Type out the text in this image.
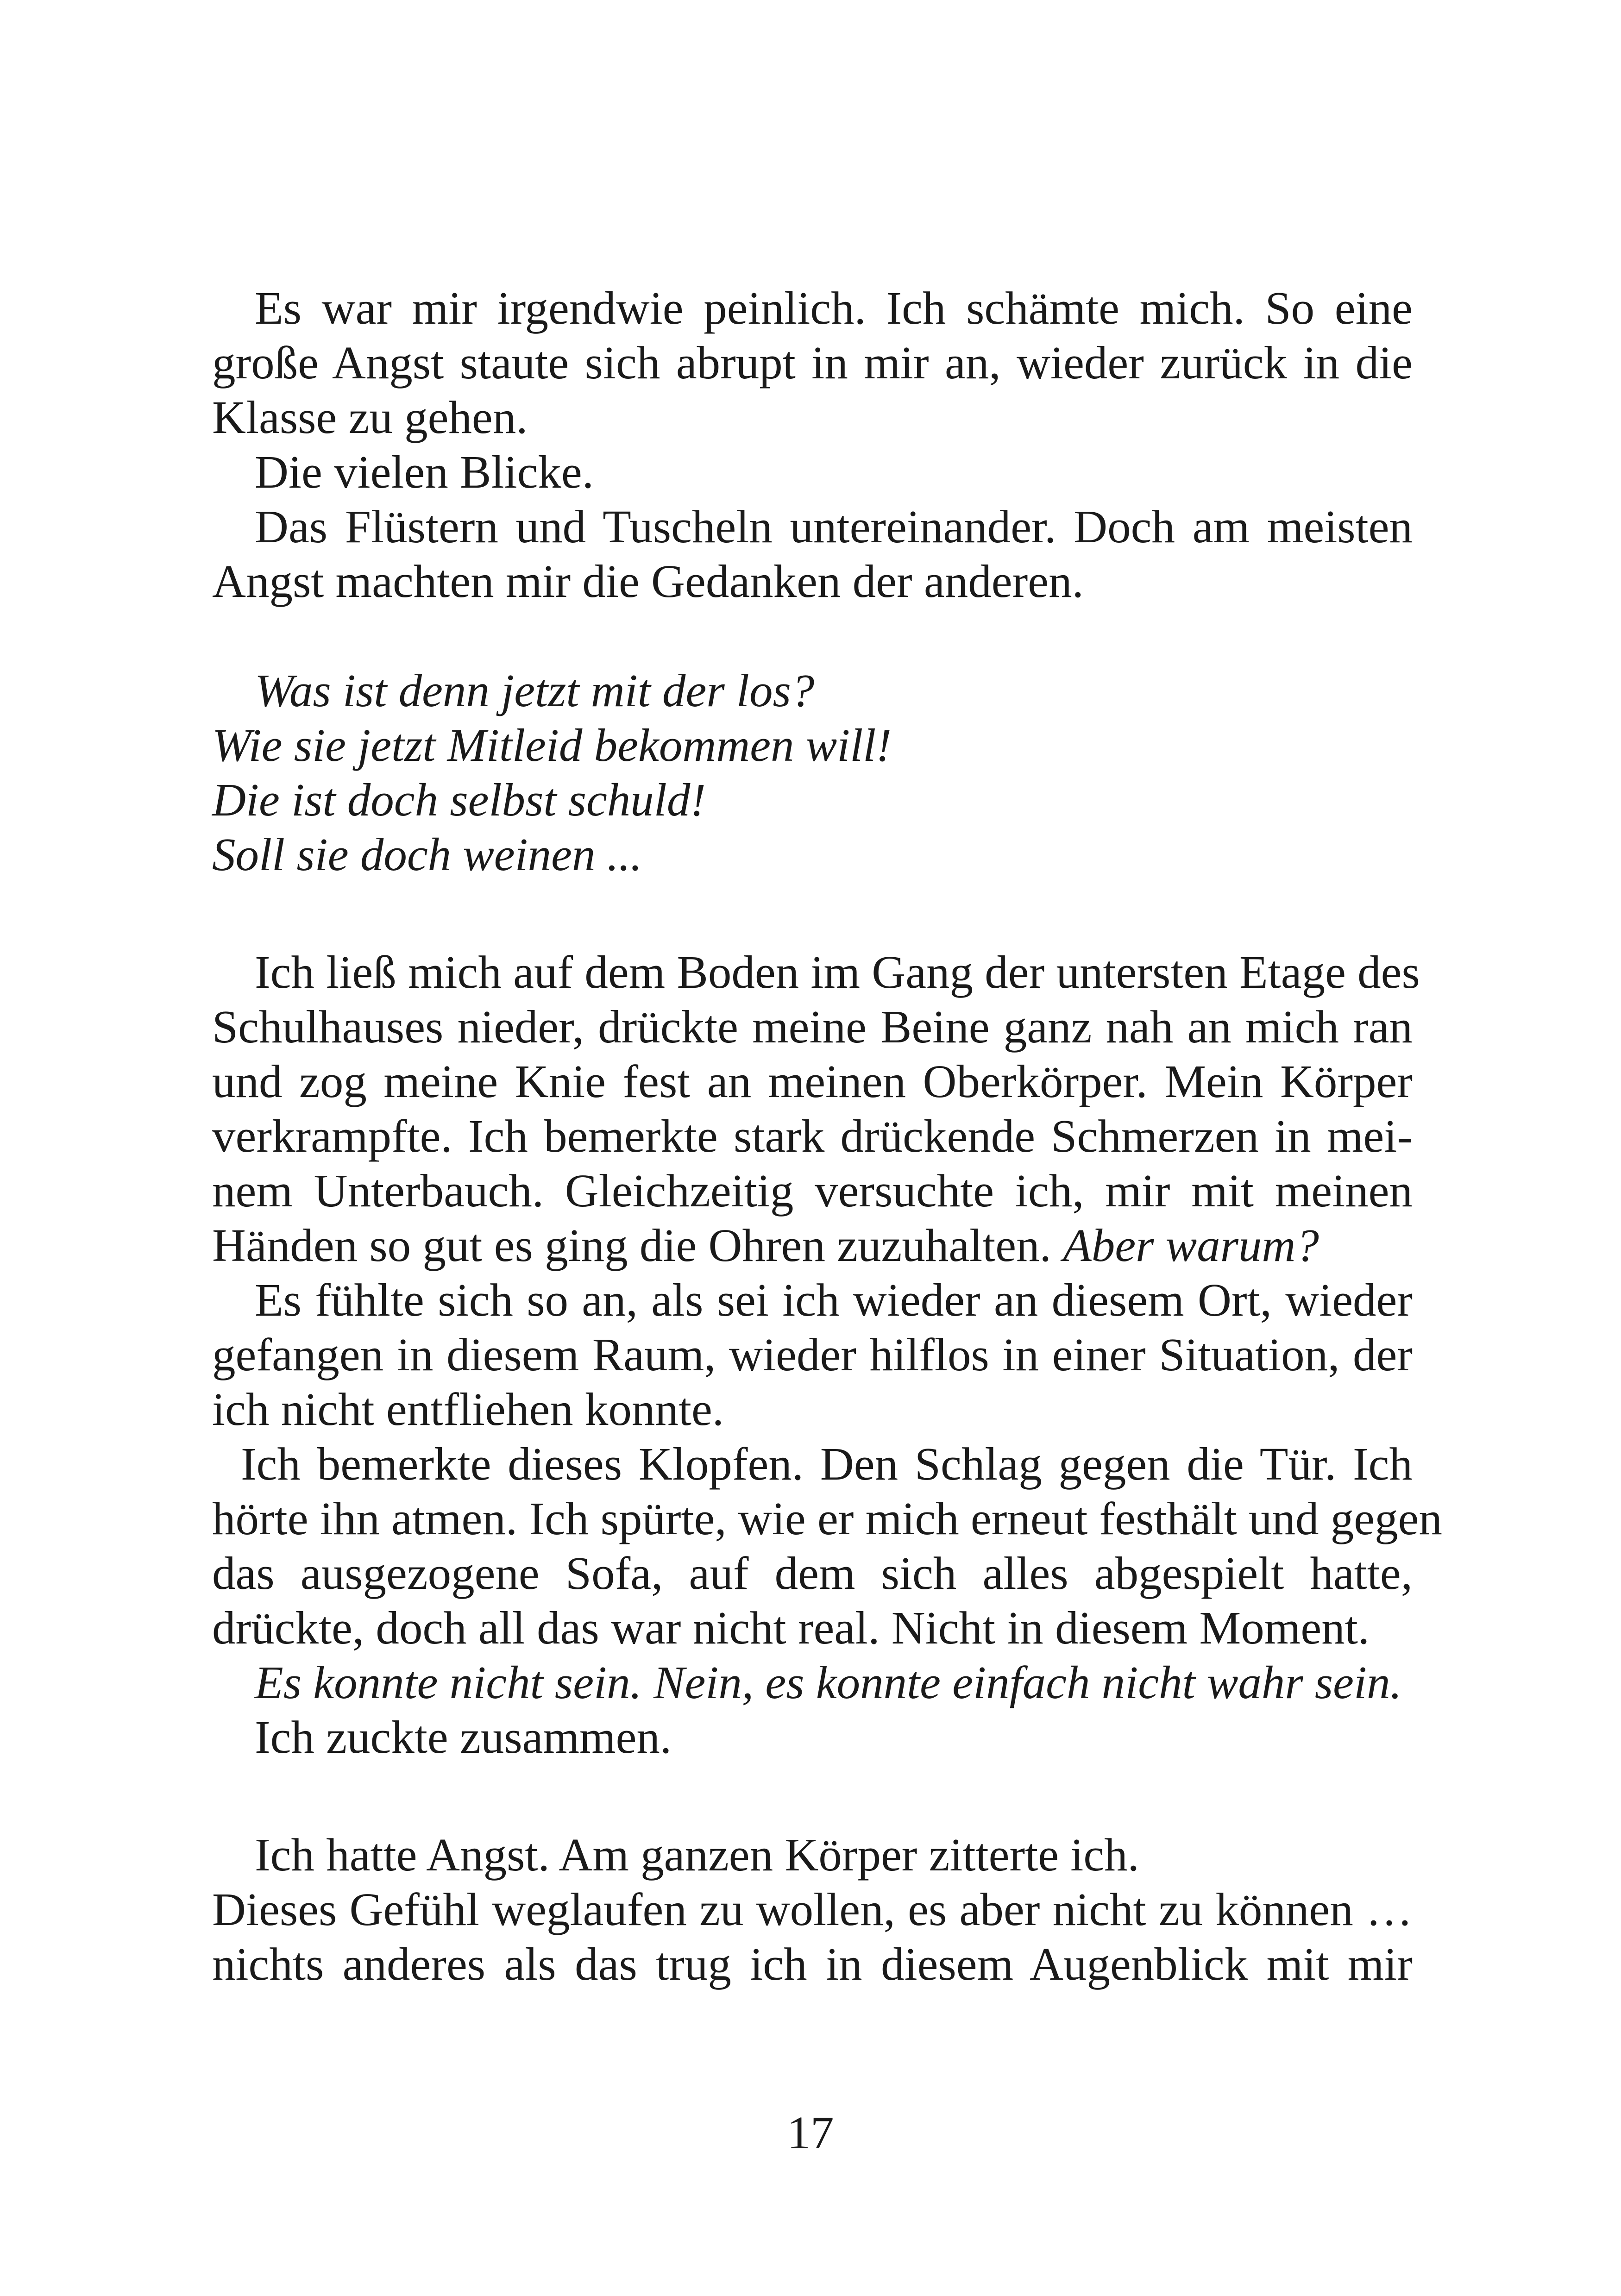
Es war mir irgendwie peinlich. Ich schämte mich. So eine
große Angst staute sich abrupt in mir an, wieder zurück in die
Klasse zu gehen.
Die vielen Blicke.
Das Flüstern und Tuscheln untereinander. Doch am meisten
Angst machten mir die Gedanken der anderen.
Was ist denn jetzt mit der los?
Wie sie jetzt Mitleid bekommen will!
Die ist doch selbst schuld!
Soll sie doch weinen ...
Ich ließ mich auf dem Boden im Gang der untersten Etage des
Schulhauses nieder, drückte meine Beine ganz nah an mich ran
und zog meine Knie fest an meinen Oberkörper. Mein Körper
verkrampfte. Ich bemerkte stark drückende Schmerzen in mei-
nem Unterbauch. Gleichzeitig versuchte ich, mir mit meinen
Händen so gut es ging die Ohren zuzuhalten. Aber warum?
Es fühlte sich so an, als sei ich wieder an diesem Ort, wieder
gefangen in diesem Raum, wieder hilflos in einer Situation, der
ich nicht entfliehen konnte.
Ich bemerkte dieses Klopfen. Den Schlag gegen die Tür. Ich
hörte ihn atmen. Ich spürte, wie er mich erneut festhält und gegen
das ausgezogene Sofa, auf dem sich alles abgespielt hatte,
drückte, doch all das war nicht real. Nicht in diesem Moment.
Es konnte nicht sein. Nein, es konnte einfach nicht wahr sein.
Ich zuckte zusammen.
Ich hatte Angst. Am ganzen Körper zitterte ich.
Dieses Gefühl weglaufen zu wollen, es aber nicht zu können …
nichts anderes als das trug ich in diesem Augenblick mit mir
17
